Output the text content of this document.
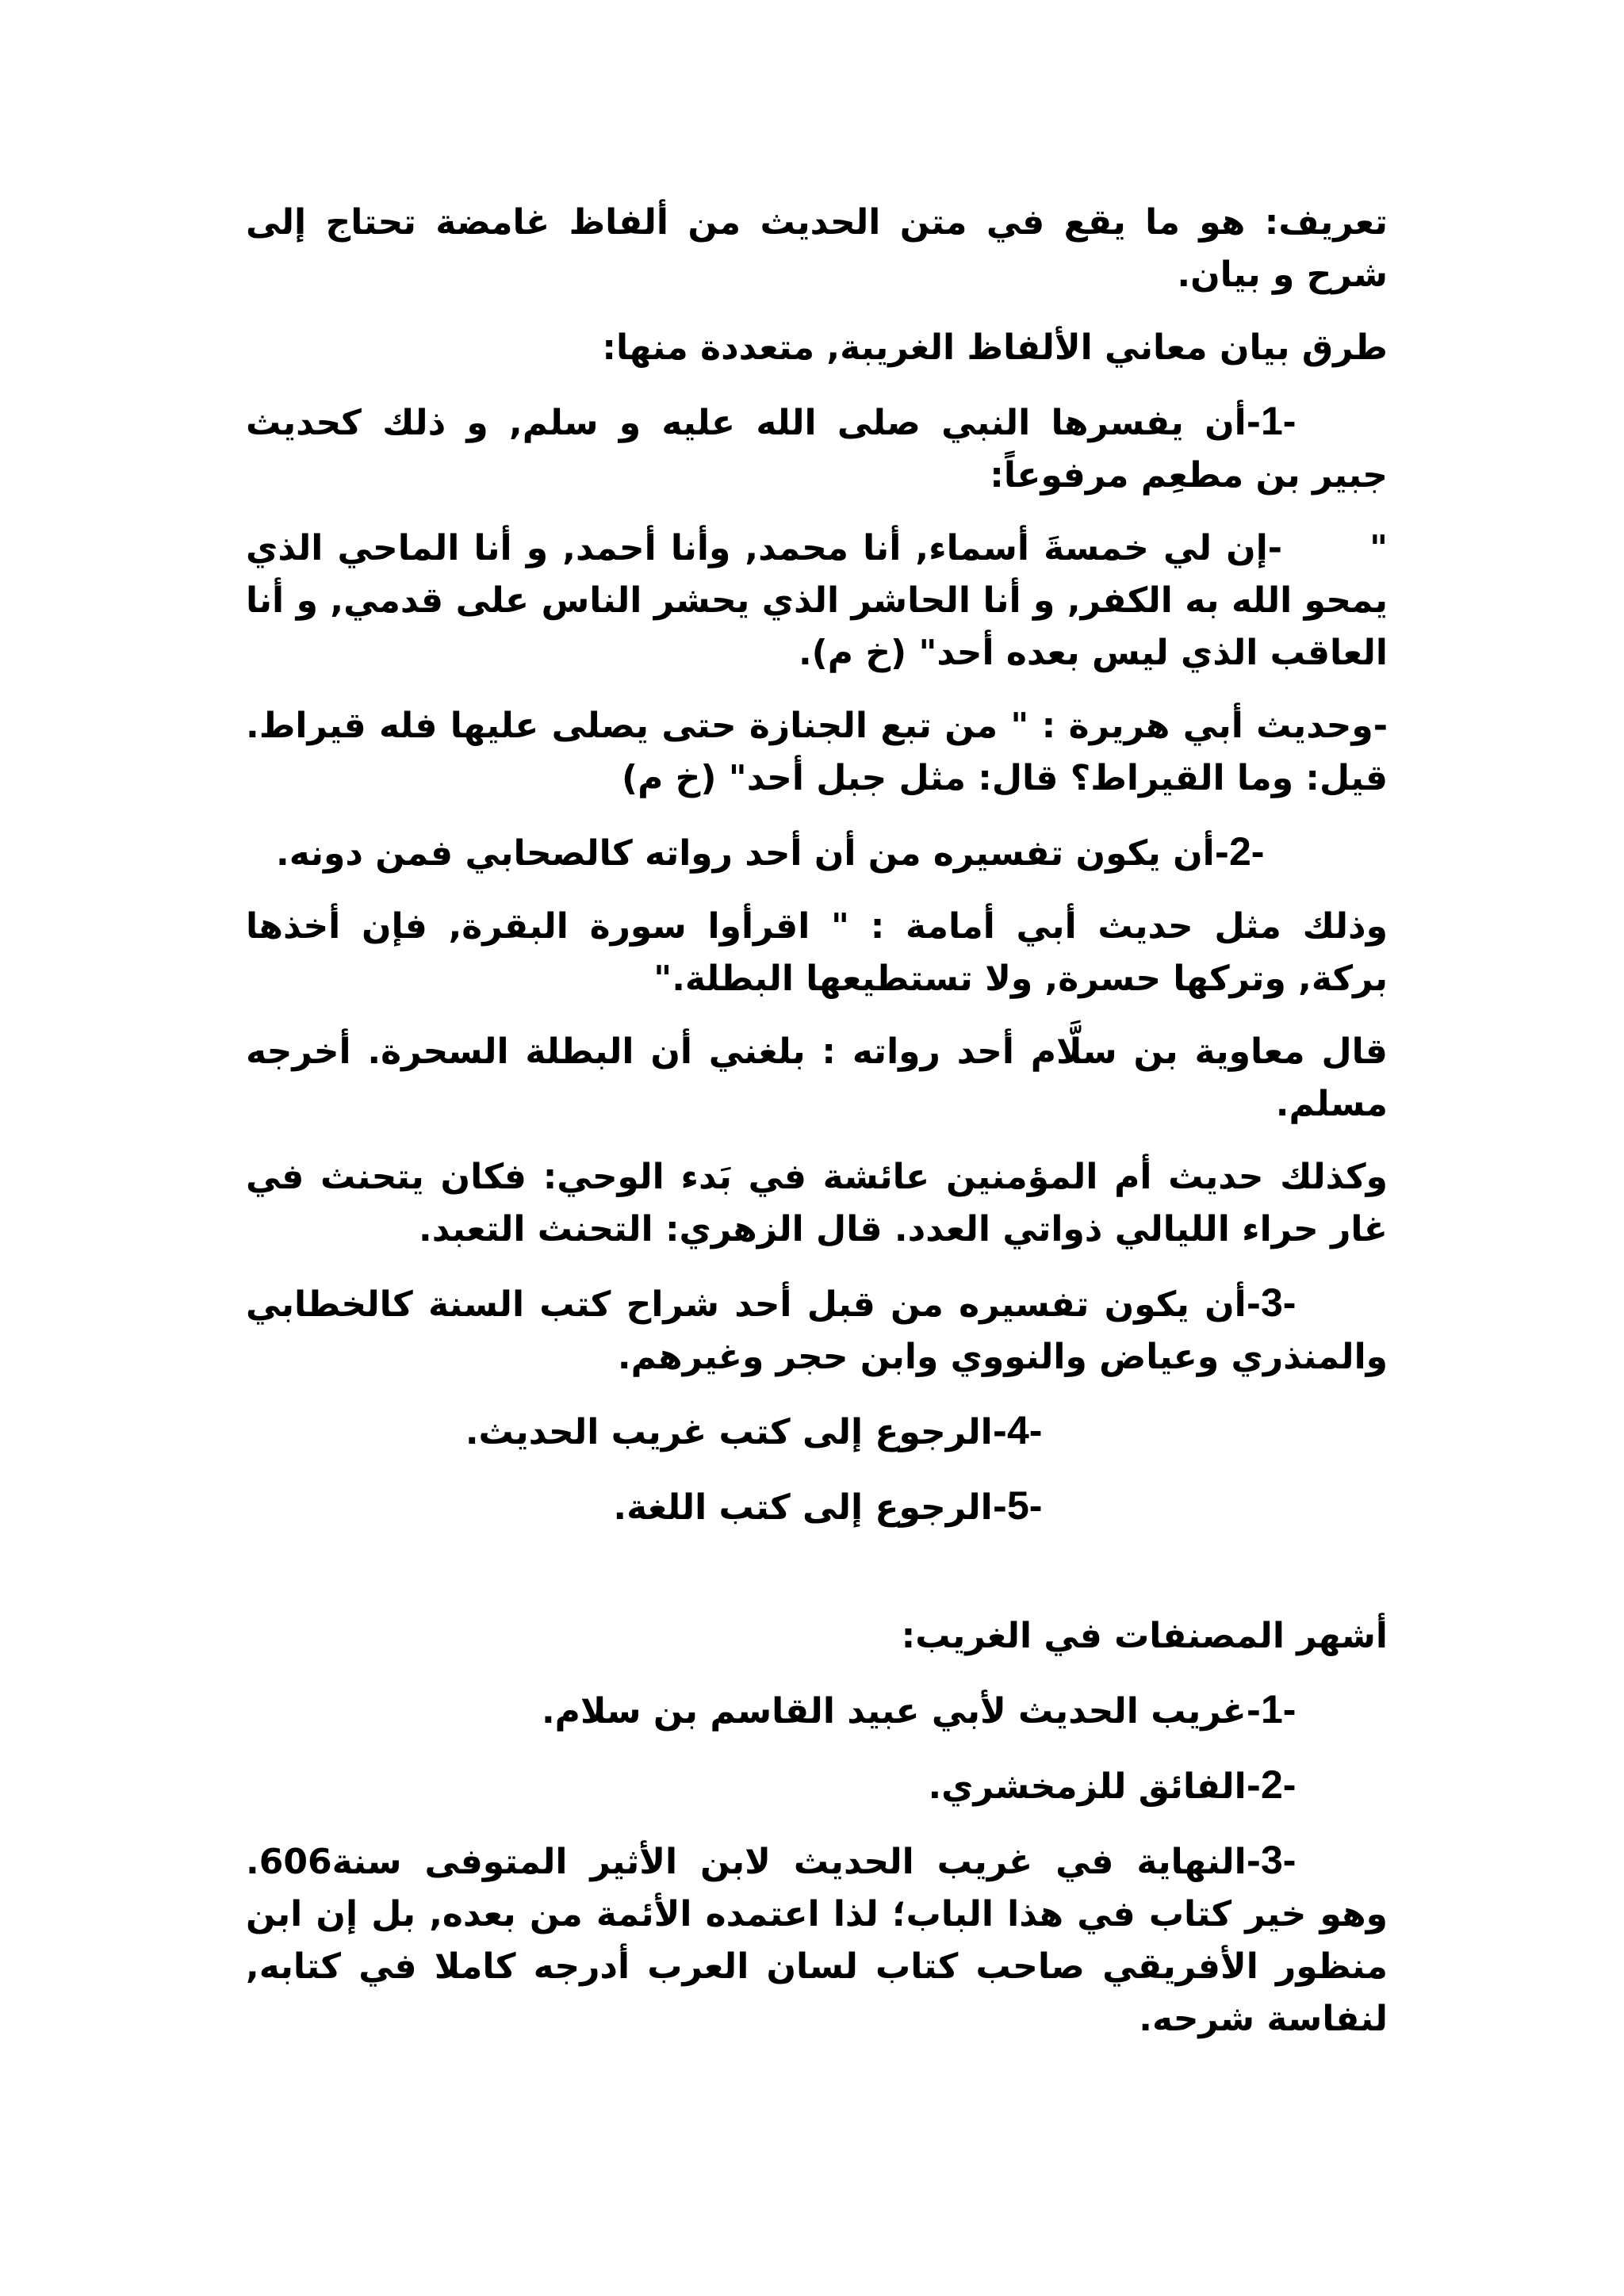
تعريف: هو ما يقع في متن الحديث من ألفاظ غامضة تحتاج إلى شرح و بيان.

طرق بيان معاني الألفاظ الغريبة, متعددة منها:

1--أن يفسرها النبي صلى الله عليه و سلم, و ذلك كحديث جبير بن مطعِم مرفوعاً:
"-إن لي خمسةَ أسماء, أنا محمد, وأنا أحمد, و أنا الماحي الذي يمحو الله به الكفر, و أنا الحاشر الذي يحشر الناس على قدمي, و أنا العاقب الذي ليس بعده أحد" (خ م).

-وحديث أبي هريرة : " من تبع الجنازة حتى يصلى عليها فله قيراط. قيل: وما القيراط؟ قال: مثل جبل أحد" (خ م)

2-
-أن يكون تفسيره من أن أحد رواته كالصحابي فمن دونه.

وذلك مثل حديث أبي أمامة : " اقرأوا سورة البقرة, فإن أخذها بركة, وتركها حسرة, ولا تستطيعها البطلة."

قال معاوية بن سلَّام أحد رواته : بلغني أن البطلة السحرة. أخرجه مسلم.

وكذلك حديث أم المؤمنين عائشة في بَدء الوحي: فكان يتحنث في غار حراء الليالي ذواتي العدد. قال الزهري: التحنث التعبد.

3--أن يكون تفسيره من قبل أحد شراح كتب السنة كالخطابي والمنذري وعياض والنووي وابن حجر وغيرهم.
4-
-الرجوع إلى كتب غريب الحديث.
5-
-الرجوع إلى كتب اللغة.

أشهر المصنفات في الغريب:

1-
-غريب الحديث لأبي عبيد القاسم بن سلام.
2-
-الفائق للزمخشري.
3--النهاية في غريب الحديث لابن الأثير المتوفى سنة606. وهو خير كتاب في هذا الباب؛ لذا اعتمده الأئمة من بعده, بل إن ابن منظور الأفريقي صاحب كتاب لسان العرب أدرجه كاملا في كتابه, لنفاسة شرحه.
